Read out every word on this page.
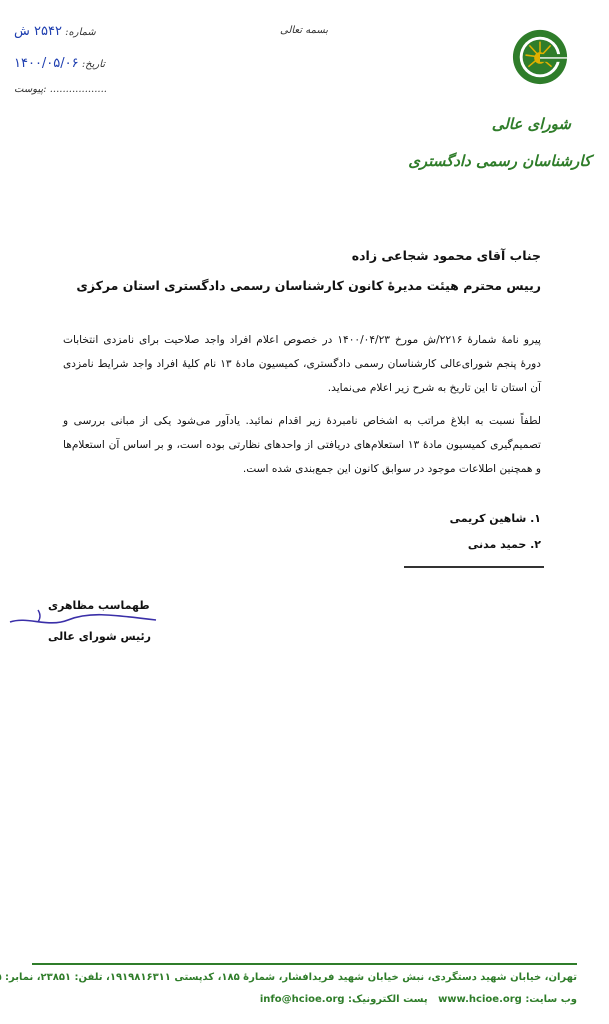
شماره: ۲۵۴۲ ش
تاریخ: ۱۴۰۰/۰۵/۰۶
پیوست: ..................
بسمه تعالی
شورای عالی
کارشناسان رسمی دادگستری
جناب آقای محمود شجاعی زاده
رییس محترم هیئت مدیرهٔ کانون کارشناسان رسمی دادگستری استان مرکزی
پیرو نامهٔ شمارهٔ ۲۲۱۶/ش مورخ ۱۴۰۰/۰۴/۲۳ در خصوص اعلام افراد واجد صلاحیت برای نامزدی انتخابات دورهٔ پنجم شورای‌عالی کارشناسان رسمی دادگستری، کمیسیون مادهٔ ۱۳ نام کلیهٔ افراد واجد شرایط نامزدی آن استان تا این تاریخ به شرح زیر اعلام می‌نماید.
لطفاً نسبت به ابلاغ مراتب به اشخاص نامبردهٔ زیر اقدام نمائید. یادآور می‌شود یکی از مبانی بررسی و تصمیم‌گیری کمیسیون مادهٔ ۱۳ استعلام‌های دریافتی از واحدهای نظارتی بوده است، و بر اساس آن استعلام‌ها و همچنین اطلاعات موجود در سوابق کانون این جمع‌بندی شده است.
۱. شاهین کریمی
۲. حمید مدنی
طهماسب مظاهری
رئیس شورای عالی
تهران، خیابان شهید دستگردی، نبش خیابان شهید فریدافشار، شمارهٔ ۱۸۵، کدپستی ۱۹۱۹۸۱۶۳۱۱، تلفن: ۲۳۸۵۱، نمابر:
وب سایت: www.hcioe.org   پست الکترونیک: info@hcioe.org
